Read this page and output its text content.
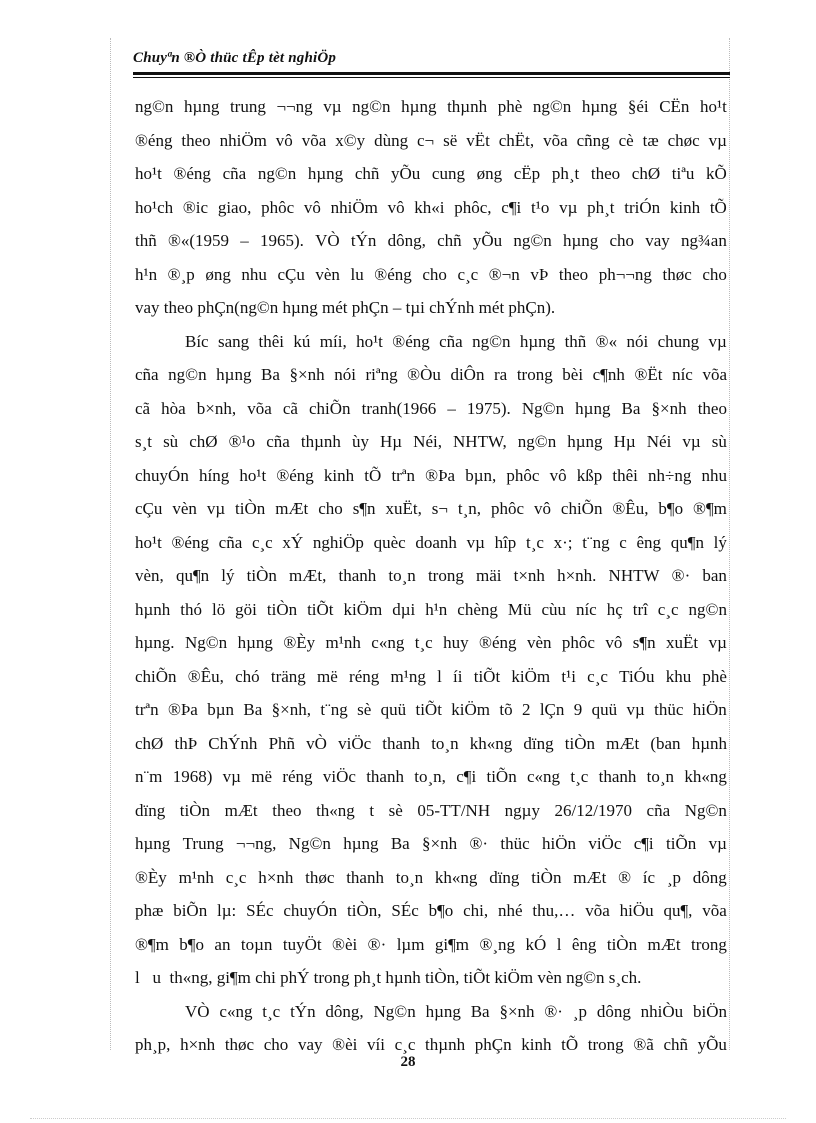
Chuyªn ®Ò thüc tÊp tèt nghiÖp
ng©n hµng trung ¬¬ng vµ ng©n hµng thµnh phè ng©n hµng §éi CËn ho¹t
®éng theo nhiÖm vô võa x©y dùng c¬ së vËt chËt, võa cñng cè tæ chøc vµ
ho¹t ®éng cña ng©n hµng chñ yÕu cung øng cËp ph¸t theo chØ tiªu kÕ
ho¹ch ®ic giao, phôc vô nhiÖm vô kh«i phôc, c¶i t¹o vµ ph¸t triÓn kinh tÕ
thñ ®«(1959 – 1965). VÒ tÝn dông, chñ yÕu ng©n hµng cho vay ng¾an
h¹n ®¸p øng nhu cÇu vèn lu ®éng cho c¸c ®¬n vÞ theo ph¬¬ng thøc cho
vay theo phÇn(ng©n hµng mét phÇn – tµi chÝnh mét phÇn).
Bíc sang thêi kú míi, ho¹t ®éng cña ng©n hµng thñ ®« nói chung vµ
cña ng©n hµng Ba §×nh nói riªng ®Òu diÔn ra trong bèi c¶nh ®Ët níc võa
cã hòa b×nh, võa cã chiÕn tranh(1966 – 1975). Ng©n hµng Ba §×nh theo
s¸t sù chØ ®¹o cña thµnh ùy Hµ Néi, NHTW, ng©n hµng Hµ Néi vµ sù
chuyÓn híng ho¹t ®éng kinh tÕ trªn ®Þa bµn, phôc vô kßp thêi nh÷ng nhu
cÇu vèn vµ tiÒn mÆt cho s¶n xuËt, s¬ t¸n, phôc vô chiÕn ®Êu, b¶o ®¶m
ho¹t ®éng cña c¸c xÝ nghiÖp quèc doanh vµ hîp t¸c x·; t¨ng c êng qu¶n lý
vèn, qu¶n lý tiÒn mÆt, thanh to¸n trong mäi t×nh h×nh. NHTW ®· ban
hµnh thó lö göi tiÒn tiÕt kiÖm dµi h¹n chèng Mü cùu níc hç trî c¸c ng©n
hµng. Ng©n hµng ®Èy m¹nh c«ng t¸c huy ®éng vèn phôc vô s¶n xuËt vµ
chiÕn ®Êu, chó träng më réng m¹ng l íi tiÕt kiÖm t¹i c¸c TiÓu khu phè
trªn ®Þa bµn Ba §×nh, t¨ng sè quü tiÕt kiÖm tõ 2 lÇn 9 quü vµ thüc hiÖn
chØ thÞ ChÝnh Phñ vÒ viÖc thanh to¸n kh«ng dïng tiÒn mÆt (ban hµnh
n¨m 1968) vµ më réng viÖc thanh to¸n, c¶i tiÕn c«ng t¸c thanh to¸n kh«ng
dïng tiÒn mÆt theo th«ng t sè 05-TT/NH ngµy 26/12/1970 cña Ng©n
hµng Trung ¬¬ng, Ng©n hµng Ba §×nh ®· thüc hiÖn viÖc c¶i tiÕn vµ
®Èy m¹nh c¸c h×nh thøc thanh to¸n kh«ng dïng tiÒn mÆt ® íc ¸p dông
phæ biÕn lµ: SÉc chuyÓn tiÒn, SÉc b¶o chi, nhé thu,… võa hiÖu qu¶, võa
®¶m b¶o an toµn tuyÖt ®èi ®· lµm gi¶m ®¸ng kÓ l êng tiÒn mÆt trong
l   u  th«ng, gi¶m chi phÝ trong ph¸t hµnh tiÒn, tiÕt kiÖm vèn ng©n s¸ch.
VÒ c«ng t¸c tÝn dông, Ng©n hµng Ba §×nh ®· ¸p dông nhiÒu biÖn
ph¸p, h×nh thøc cho vay ®èi víi c¸c thµnh phÇn kinh tÕ trong ®ã chñ yÕu
28
